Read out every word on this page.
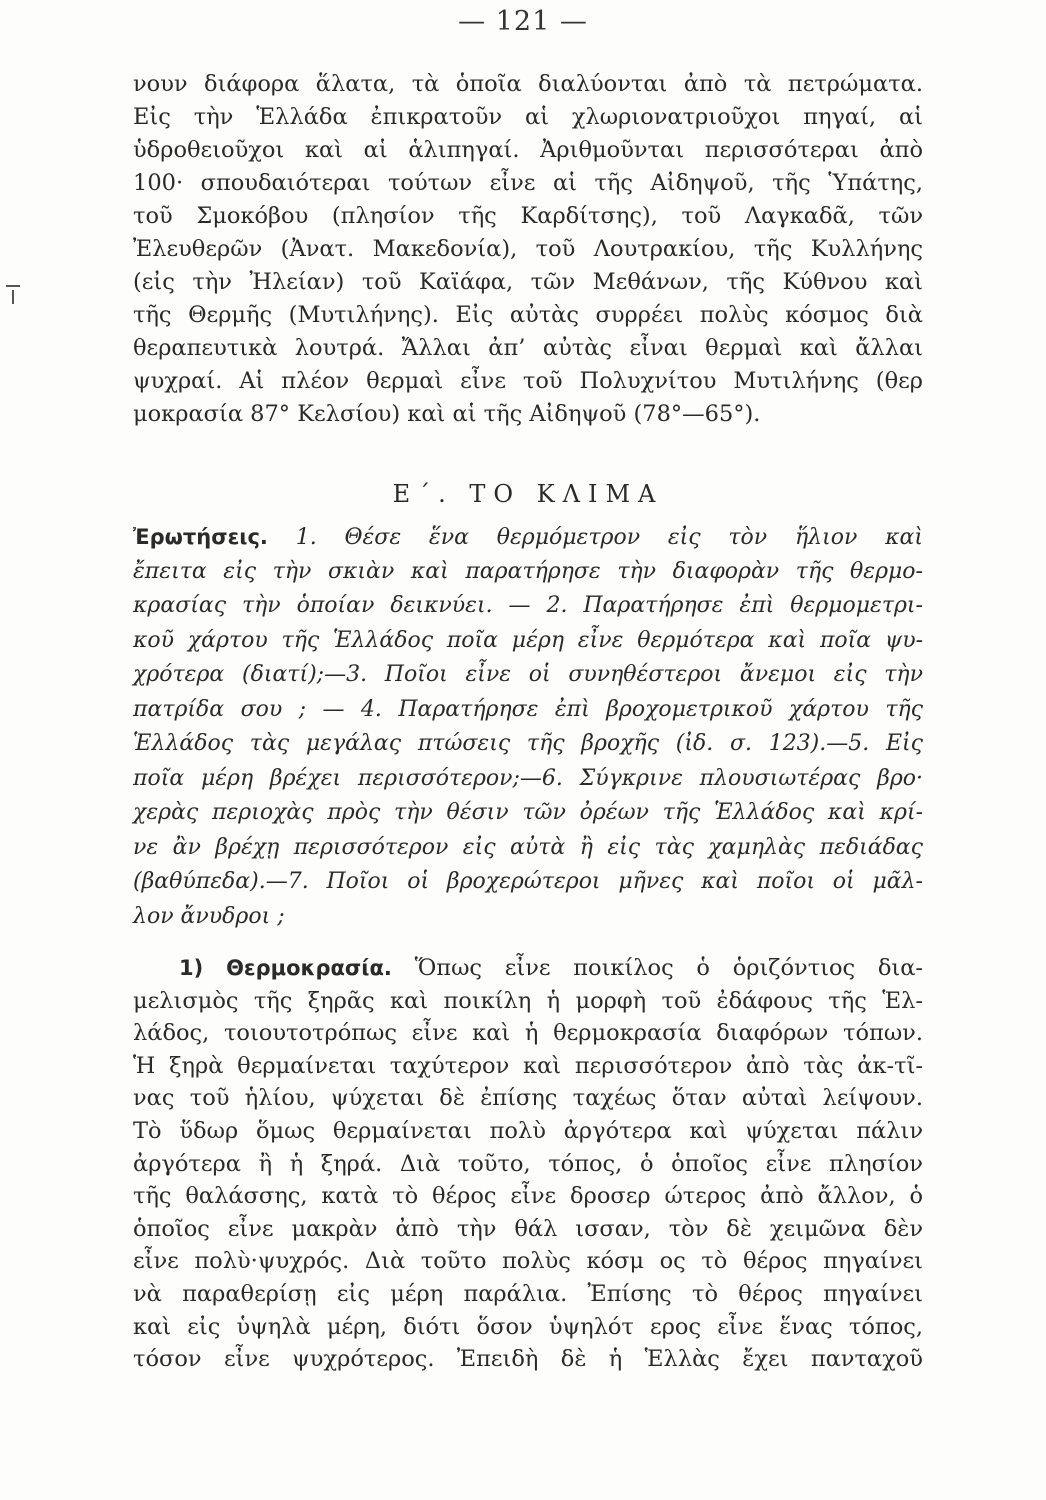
— 121 —
νουν διάφορα ἅλατα, τὰ ὁποῖα διαλύονται ἀπὸ τὰ πετρώματα.
Εἰς τὴν Ἑλλάδα ἐπικρατοῦν αἱ χλωριονατριοῦχοι πηγαί, αἱ
ὑδροθειοῦχοι καὶ αἱ ἁλιπηγαί. Ἀριθμοῦνται περισσότεραι ἀπὸ
100· σπουδαιότεραι τούτων εἶνε αἱ τῆς Αἰδηψοῦ, τῆς Ὑπάτης,
τοῦ Σμοκόβου (πλησίον τῆς Καρδίτσης), τοῦ Λαγκαδᾶ, τῶν
Ἐλευθερῶν (Ἀνατ. Μακεδονία), τοῦ Λουτρακίου, τῆς Κυλλήνης
(εἰς τὴν Ἠλείαν) τοῦ Καϊάφα, τῶν Μεθάνων, τῆς Κύθνου καὶ
τῆς Θερμῆς (Μυτιλήνης). Εἰς αὐτὰς συρρέει πολὺς κόσμος διὰ
θεραπευτικὰ λουτρά. Ἄλλαι ἀπ’ αὐτὰς εἶναι θερμαὶ καὶ ἄλλαι
ψυχραί. Αἱ πλέον θερμαὶ εἶνε τοῦ Πολυχνίτου Μυτιλήνης (θερ
μοκρασία 87° Κελσίου) καὶ αἱ τῆς Αἰδηψοῦ (78°—65°).
Ε΄. ΤΟ ΚΛΙΜΑ
Ἐρωτήσεις. 1. Θέσε ἕνα θερμόμετρον εἰς τὸν ἥλιον καὶ
ἔπειτα εἰς τὴν σκιὰν καὶ παρατήρησε τὴν διαφορὰν τῆς θερμο-
κρασίας τὴν ὁποίαν δεικνύει. — 2. Παρατήρησε ἐπὶ θερμομετρι-
κοῦ χάρτου τῆς Ἑλλάδος ποῖα μέρη εἶνε θερμότερα καὶ ποῖα ψυ-
χρότερα (διατί);—3. Ποῖοι εἶνε οἱ συνηθέστεροι ἄνεμοι εἰς τὴν
πατρίδα σου ; — 4. Παρατήρησε ἐπὶ βροχομετρικοῦ χάρτου τῆς
Ἑλλάδος τὰς μεγάλας πτώσεις τῆς βροχῆς (ἰδ. σ. 123).—5. Εἰς
ποῖα μέρη βρέχει περισσότερον;—6. Σύγκρινε πλουσιωτέρας βρο·
χερὰς περιοχὰς πρὸς τὴν θέσιν τῶν ὀρέων τῆς Ἑλλάδος καὶ κρί-
νε ἂν βρέχῃ περισσότερον εἰς αὐτὰ ἢ εἰς τὰς χαμηλὰς πεδιάδας
(βαθύπεδα).—7. Ποῖοι οἱ βροχερώτεροι μῆνες καὶ ποῖοι οἱ μᾶλ-
λον ἄνυδροι ;
1) Θερμοκρασία. Ὅπως εἶνε ποικίλος ὁ ὁριζόντιος δια-
μελισμὸς τῆς ξηρᾶς καὶ ποικίλη ἡ μορφὴ τοῦ ἐδάφους τῆς Ἑλ-
λάδος, τοιουτοτρόπως εἶνε καὶ ἡ θερμοκρασία διαφόρων τόπων.
Ἡ ξηρὰ θερμαίνεται ταχύτερον καὶ περισσότερον ἀπὸ τὰς ἀκ-τῖ-
νας τοῦ ἡλίου, ψύχεται δὲ ἐπίσης ταχέως ὅταν αὐταὶ λείψουν.
Τὸ ὕδωρ ὅμως θερμαίνεται πολὺ ἀργότερα καὶ ψύχεται πάλιν
ἀργότερα ἢ ἡ ξηρά. Διὰ τοῦτο, τόπος, ὁ ὁποῖος εἶνε πλησίον
τῆς θαλάσσης, κατὰ τὸ θέρος εἶνε δροσερ ώτερος ἀπὸ ἄλλον, ὁ
ὁποῖος εἶνε μακρὰν ἀπὸ τὴν θάλ ισσαν, τὸν δὲ χειμῶνα δὲν
εἶνε πολὺ·ψυχρός. Διὰ τοῦτο πολὺς κόσμ ος τὸ θέρος πηγαίνει
νὰ παραθερίσῃ εἰς μέρη παράλια. Ἐπίσης τὸ θέρος πηγαίνει
καὶ εἰς ὑψηλὰ μέρη, διότι ὅσον ὑψηλότ ερος εἶνε ἕνας τόπος,
τόσον εἶνε ψυχρότερος. Ἐπειδὴ δὲ ἡ Ἑλλὰς ἔχει πανταχοῦ
